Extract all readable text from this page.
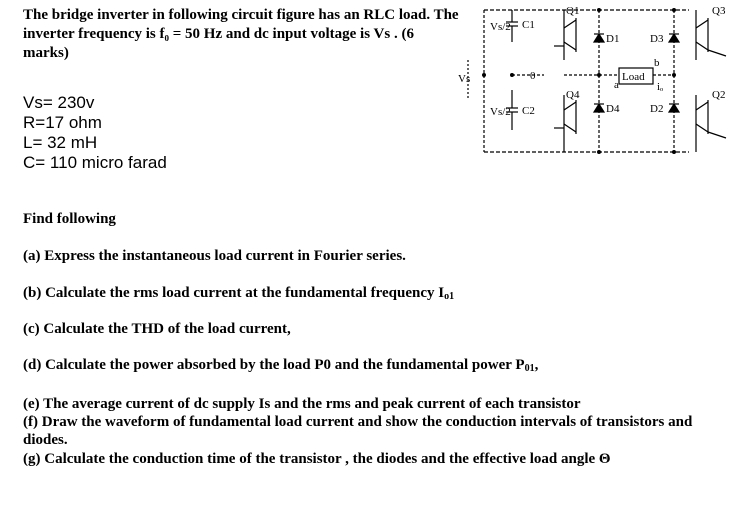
The bridge inverter in following circuit figure has an RLC load. The inverter frequency is f₀ = 50 Hz and dc input voltage is Vs . (6 marks)
Vs= 230v
R=17 ohm
L= 32 mH
C= 110 micro farad
Vs/2
Vs/2
Vs	0
a
b
Load
iₒ
Q1	Q3
Q4	Q2
D1	D3
D4	D2
C1
C2
Find following
(a) Express the instantaneous load current in Fourier series.
(b) Calculate the rms load current at the fundamental frequency $I_{o1}$
(c) Calculate the THD of the load current,
(d) Calculate the power absorbed by the load P0 and the fundamental power $P_{01}$,
(e) The average current of dc supply Is and the rms and peak current of each transistor
(f) Draw the waveform of fundamental load current and show the conduction intervals of transistors and diodes.
(g) Calculate the conduction time of the transistor , the diodes and the effective load angle Θ
